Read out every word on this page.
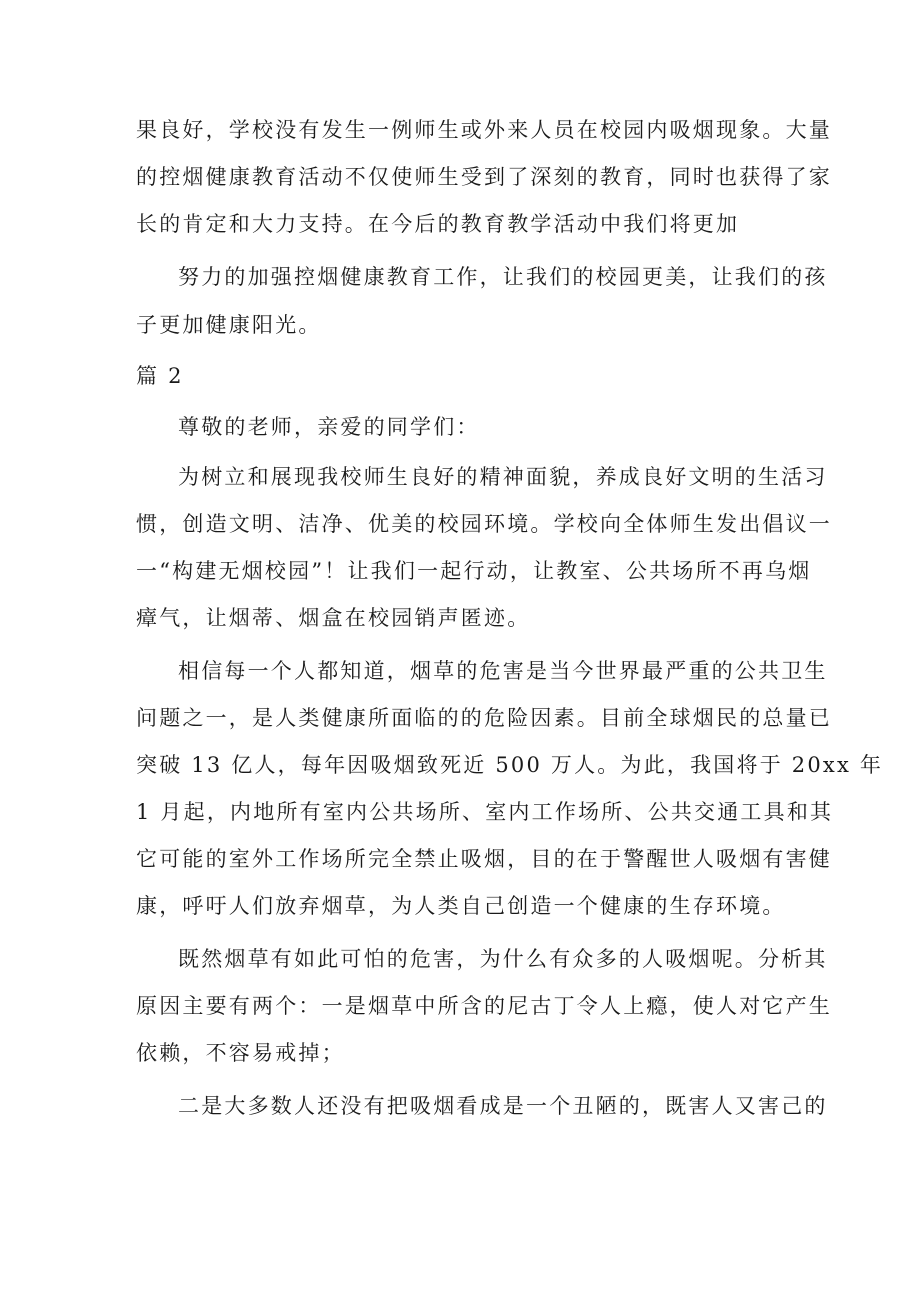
果良好，学校没有发生一例师生或外来人员在校园内吸烟现象。大量
的控烟健康教育活动不仅使师生受到了深刻的教育，同时也获得了家
长的肯定和大力支持。在今后的教育教学活动中我们将更加
努力的加强控烟健康教育工作，让我们的校园更美，让我们的孩
子更加健康阳光。
篇 2
尊敬的老师，亲爱的同学们：
为树立和展现我校师生良好的精神面貌，养成良好文明的生活习
惯，创造文明、洁净、优美的校园环境。学校向全体师生发出倡议一
一“构建无烟校园”！让我们一起行动，让教室、公共场所不再乌烟
瘴气，让烟蒂、烟盒在校园销声匿迹。
相信每一个人都知道，烟草的危害是当今世界最严重的公共卫生
问题之一，是人类健康所面临的的危险因素。目前全球烟民的总量已
突破 13 亿人，每年因吸烟致死近 500 万人。为此，我国将于 20xx 年
1 月起，内地所有室内公共场所、室内工作场所、公共交通工具和其
它可能的室外工作场所完全禁止吸烟，目的在于警醒世人吸烟有害健
康，呼吁人们放弃烟草，为人类自己创造一个健康的生存环境。
既然烟草有如此可怕的危害，为什么有众多的人吸烟呢。分析其
原因主要有两个：一是烟草中所含的尼古丁令人上瘾，使人对它产生
依赖，不容易戒掉；
二是大多数人还没有把吸烟看成是一个丑陋的，既害人又害己的
